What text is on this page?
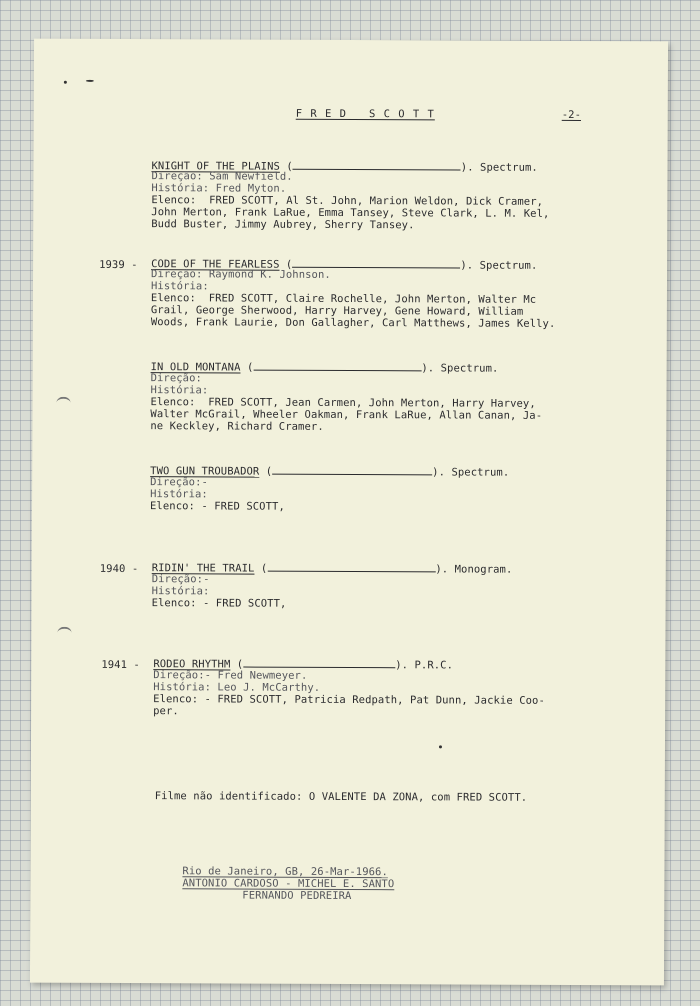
F R E D   S C O T T	-2-
KNIGHT OF THE PLAINS (	). Spectrum.
Direção: Sam Newfield.
História: Fred Myton.
Elenco:  FRED SCOTT, Al St. John, Marion Weldon, Dick Cramer,
John Merton, Frank LaRue, Emma Tansey, Steve Clark, L. M. Kel,
Budd Buster, Jimmy Aubrey, Sherry Tansey.
1939 - CODE OF THE FEARLESS (	). Spectrum.
Direção: Raymond K. Johnson.
História:
Elenco:  FRED SCOTT, Claire Rochelle, John Merton, Walter Mc
Grail, George Sherwood, Harry Harvey, Gene Howard, William
Woods, Frank Laurie, Don Gallagher, Carl Matthews, James Kelly.
IN OLD MONTANA (	). Spectrum.
Direção:
História:
Elenco:  FRED SCOTT, Jean Carmen, John Merton, Harry Harvey,
Walter McGrail, Wheeler Oakman, Frank LaRue, Allan Canan, Ja-
ne Keckley, Richard Cramer.
TWO GUN TROUBADOR (	). Spectrum.
Direção:-
História:
Elenco: - FRED SCOTT,
1940 - RIDIN' THE TRAIL (	). Monogram.
Direção:-
História:
Elenco: - FRED SCOTT,
1941 - RODEO RHYTHM (	). P.R.C.
Direção:- Fred Newmeyer.
História: Leo J. McCarthy.
Elenco: - FRED SCOTT, Patricia Redpath, Pat Dunn, Jackie Coo-
per.
Filme não identificado: O VALENTE DA ZONA, com FRED SCOTT.
Rio de Janeiro, GB, 26-Mar-1966.
ANTONIO CARDOSO - MICHEL E. SANTO
FERNANDO PEDREIRA
